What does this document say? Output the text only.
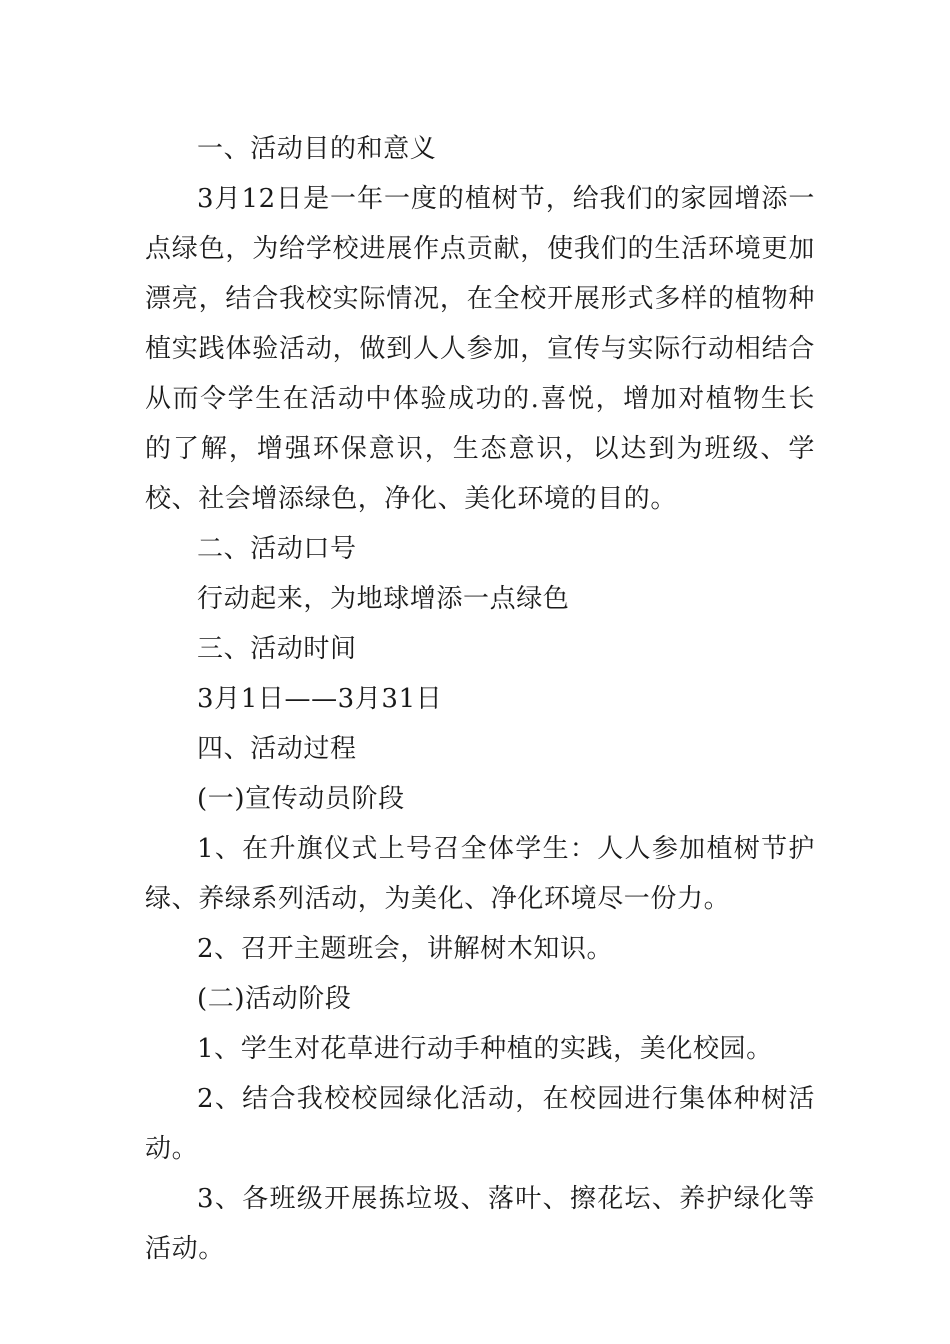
一、活动目的和意义

3月12日是一年一度的植树节，给我们的家园增添一点绿色，为给学校进展作点贡献，使我们的生活环境更加漂亮，结合我校实际情况，在全校开展形式多样的植物种植实践体验活动，做到人人参加，宣传与实际行动相结合从而令学生在活动中体验成功的.喜悦，增加对植物生长的了解，增强环保意识，生态意识，以达到为班级、学校、社会增添绿色，净化、美化环境的目的。

二、活动口号

行动起来，为地球增添一点绿色

三、活动时间

3月1日——3月31日

四、活动过程

(一)宣传动员阶段

1、在升旗仪式上号召全体学生：人人参加植树节护绿、养绿系列活动，为美化、净化环境尽一份力。

2、召开主题班会，讲解树木知识。

(二)活动阶段

1、学生对花草进行动手种植的实践，美化校园。

2、结合我校校园绿化活动，在校园进行集体种树活动。

3、各班级开展拣垃圾、落叶、擦花坛、养护绿化等活动。
